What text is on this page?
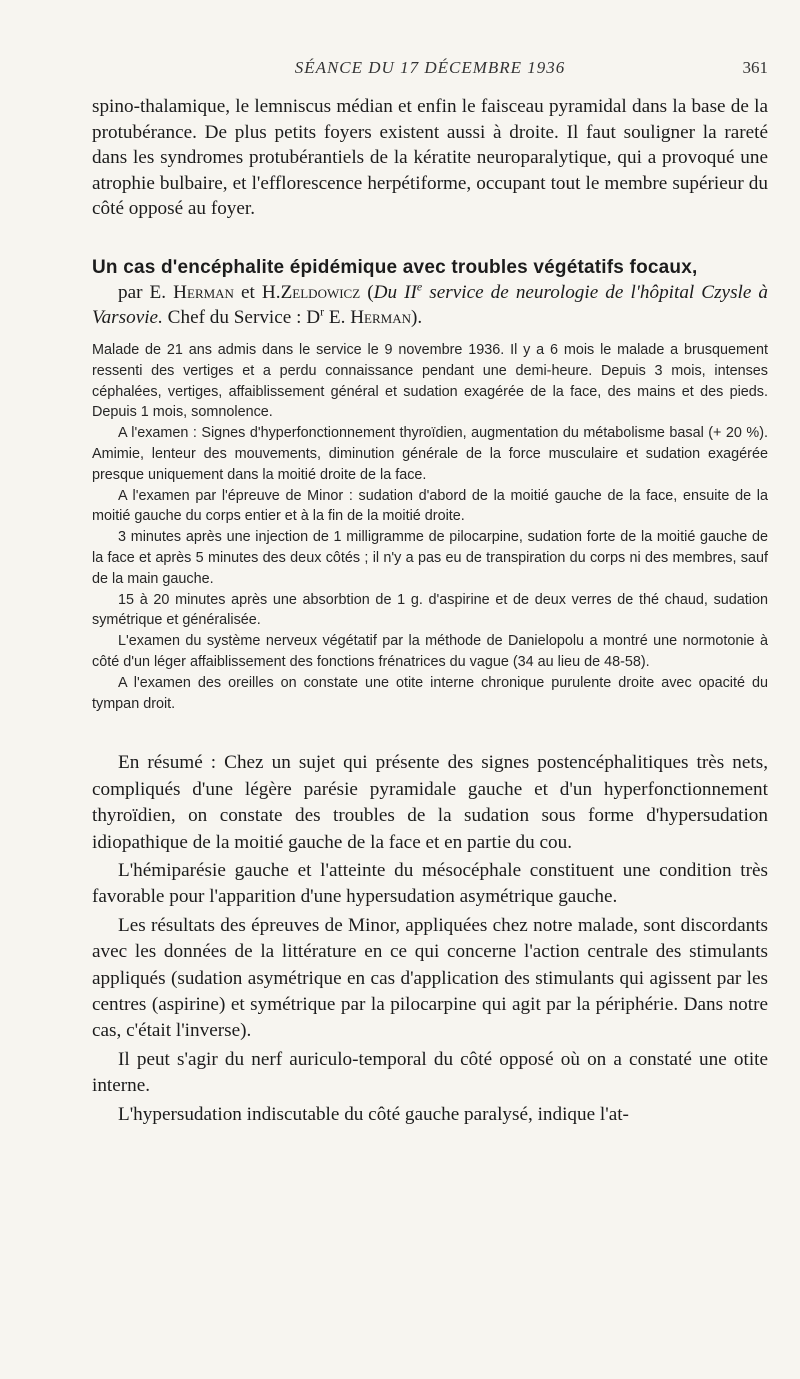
SÉANCE DU 17 DÉCEMBRE 1936	361

spino-thalamique, le lemniscus médian et enfin le faisceau pyramidal dans la base de la protubérance. De plus petits foyers existent aussi à droite. Il faut souligner la rareté dans les syndromes protubérantiels de la kératite neuroparalytique, qui a provoqué une atrophie bulbaire, et l'efflorescence herpétiforme, occupant tout le membre supérieur du côté opposé au foyer.

Un cas d'encéphalite épidémique avec troubles végétatifs focaux,

par E. Herman et H.Zeldowicz (Du IIe service de neurologie de l'hôpital Czysle à Varsovie. Chef du Service : $D^r$ E. Herman).

Malade de 21 ans admis dans le service le 9 novembre 1936. Il y a 6 mois le malade a brusquement ressenti des vertiges et a perdu connaissance pendant une demi-heure. Depuis 3 mois, intenses céphalées, vertiges, affaiblissement général et sudation exagérée de la face, des mains et des pieds. Depuis 1 mois, somnolence.

A l'examen : Signes d'hyperfonctionnement thyroïdien, augmentation du métabolisme basal (+ 20 %). Amimie, lenteur des mouvements, diminution générale de la force musculaire et sudation exagérée presque uniquement dans la moitié droite de la face.

A l'examen par l'épreuve de Minor : sudation d'abord de la moitié gauche de la face, ensuite de la moitié gauche du corps entier et à la fin de la moitié droite.

3 minutes après une injection de 1 milligramme de pilocarpine, sudation forte de la moitié gauche de la face et après 5 minutes des deux côtés ; il n'y a pas eu de transpiration du corps ni des membres, sauf de la main gauche.

15 à 20 minutes après une absorbtion de 1 g. d'aspirine et de deux verres de thé chaud, sudation symétrique et généralisée.

L'examen du système nerveux végétatif par la méthode de Danielopolu a montré une normotonie à côté d'un léger affaiblissement des fonctions frénatrices du vague (34 au lieu de 48-58).

A l'examen des oreilles on constate une otite interne chronique purulente droite avec opacité du tympan droit.

En résumé : Chez un sujet qui présente des signes postencéphalitiques très nets, compliqués d'une légère parésie pyramidale gauche et d'un hyperfonctionnement thyroïdien, on constate des troubles de la sudation sous forme d'hypersudation idiopathique de la moitié gauche de la face et en partie du cou.

L'hémiparésie gauche et l'atteinte du mésocéphale constituent une condition très favorable pour l'apparition d'une hypersudation asymétrique gauche.

Les résultats des épreuves de Minor, appliquées chez notre malade, sont discordants avec les données de la littérature en ce qui concerne l'action centrale des stimulants appliqués (sudation asymétrique en cas d'application des stimulants qui agissent par les centres (aspirine) et symétrique par la pilocarpine qui agit par la périphérie. Dans notre cas, c'était l'inverse).

Il peut s'agir du nerf auriculo-temporal du côté opposé où on a constaté une otite interne.

L'hypersudation indiscutable du côté gauche paralysé, indique l'at-
